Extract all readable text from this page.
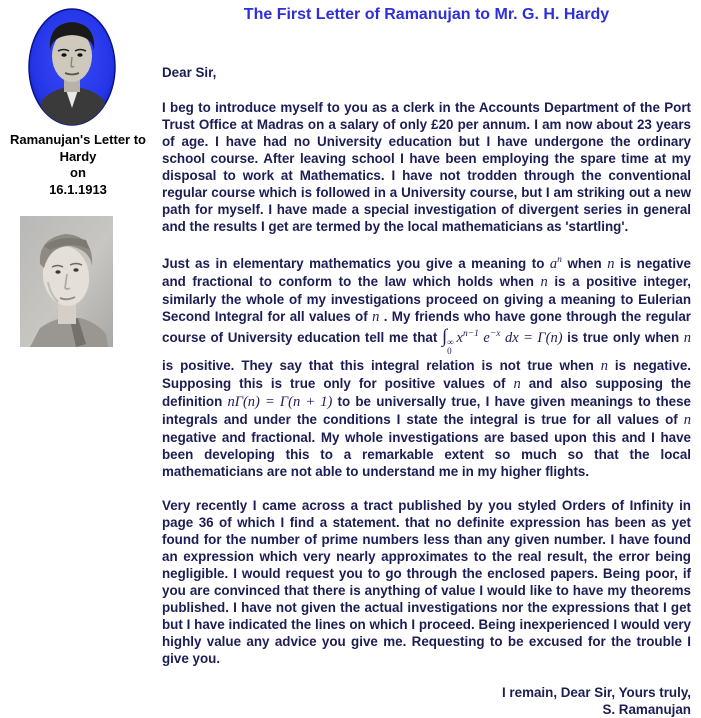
The First Letter of Ramanujan to Mr. G. H. Hardy
Ramanujan's Letter to
Hardy
on
16.1.1913

Dear Sir,

I beg to introduce myself to you as a clerk in the Accounts Department of the Port Trust Office at Madras on a salary of only £20 per annum. I am now about 23 years of age. I have had no University education but I have undergone the ordinary school course. After leaving school I have been employing the spare time at my disposal to work at Mathematics. I have not trodden through the conventional regular course which is followed in a University course, but I am striking out a new path for myself. I have made a special investigation of divergent series in general and the results I get are termed by the local mathematicians as 'startling'.

Just as in elementary mathematics you give a meaning to $a^n$ when n is negative and fractional to conform to the law which holds when n is a positive integer, similarly the whole of my investigations proceed on giving a meaning to Eulerian Second Integral for all values of n . My friends who have gone through the regular course of University education tell me that ∫ ∞
0
$x^{n-1}$ $e^{-x}$ dx = Γ(n) is true only when n is positive. They say that this integral relation is not true when n is negative. Supposing this is true only for positive values of n and also supposing the definition nΓ(n) = Γ(n + 1) to be universally true, I have given meanings to these integrals and under the conditions I state the integral is true for all values of n negative and fractional. My whole investigations are based upon this and I have been developing this to a remarkable extent so much so that the local mathematicians are not able to understand me in my higher flights.

Very recently I came across a tract published by you styled Orders of Infinity in page 36 of which I find a statement. that no definite expression has been as yet found for the number of prime numbers less than any given number. I have found an expression which very nearly approximates to the real result, the error being negligible. I would request you to go through the enclosed papers. Being poor, if you are convinced that there is anything of value I would like to have my theorems published. I have not given the actual investigations nor the expressions that I get but I have indicated the lines on which I proceed. Being inexperienced I would very highly value any advice you give me. Requesting to be excused for the trouble I give you.

I remain, Dear Sir, Yours truly,
S. Ramanujan
